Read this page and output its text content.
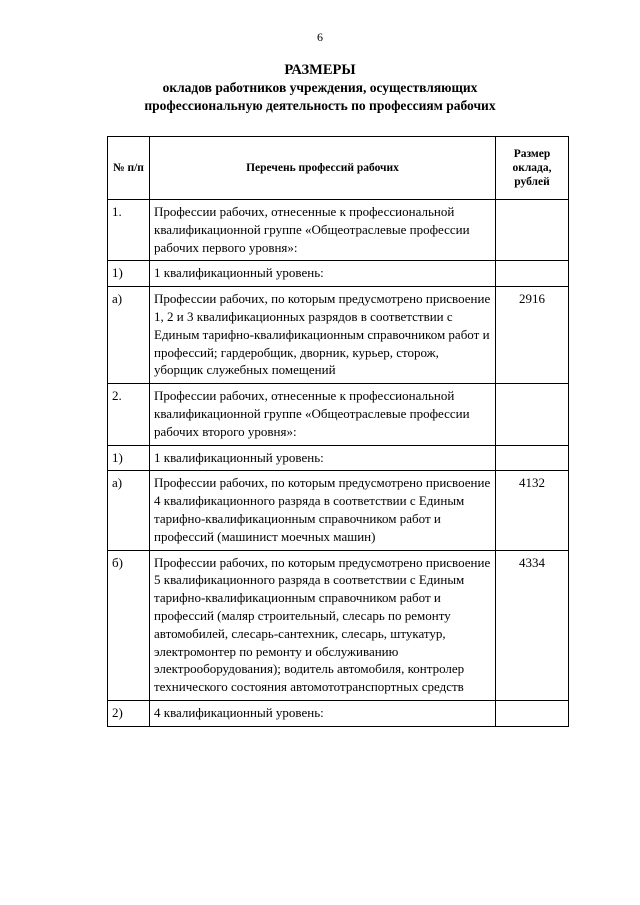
6
РАЗМЕРЫ
окладов работников учреждения, осуществляющих
профессиональную деятельность по профессиям рабочих
№ п/п	Перечень профессий рабочих	Размер
оклада,
рублей

1.	Профессии рабочих, отнесенные к профессиональной квалификационной группе «Общеотраслевые профессии рабочих первого уровня»:	
1)	1 квалификационный уровень:	
а)	Профессии рабочих, по которым предусмотрено присвоение 1, 2 и 3 квалификационных разрядов в соответствии с Единым тарифно-квалификационным справочником работ и профессий; гардеробщик, дворник, курьер, сторож, уборщик служебных помещений	2916
2.	Профессии рабочих, отнесенные к профессиональной квалификационной группе «Общеотраслевые профессии рабочих второго уровня»:	
1)	1 квалификационный уровень:	
а)	Профессии рабочих, по которым предусмотрено присвоение 4 квалификационного разряда в соответствии с Единым тарифно-квалификационным справочником работ и профессий (машинист моечных машин)	4132
б)	Профессии рабочих, по которым предусмотрено присвоение 5 квалификационного разряда в соответствии с Единым тарифно-квалификационным справочником работ и профессий (маляр строительный, слесарь по ремонту автомобилей, слесарь-сантехник, слесарь, штукатур, электромонтер по ремонту и обслуживанию электрооборудования); водитель автомобиля, контролер технического состояния автомототранспортных средств	4334
2)	4 квалификационный уровень:	
